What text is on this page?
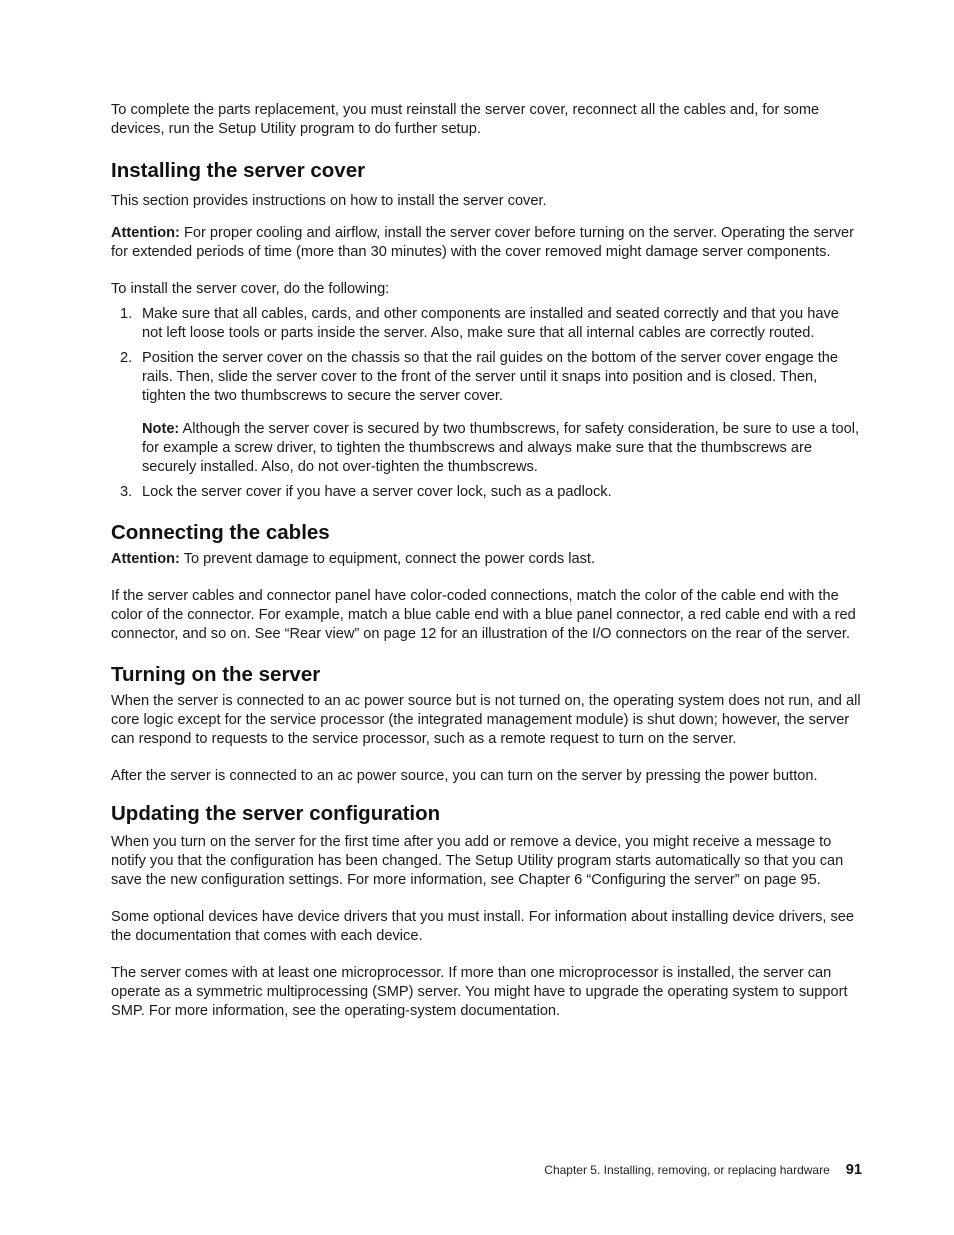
To complete the parts replacement, you must reinstall the server cover, reconnect all the cables and, for some devices, run the Setup Utility program to do further setup.

Installing the server cover

This section provides instructions on how to install the server cover.

Attention: For proper cooling and airflow, install the server cover before turning on the server. Operating the server for extended periods of time (more than 30 minutes) with the cover removed might damage server components.

To install the server cover, do the following:

1. Make sure that all cables, cards, and other components are installed and seated correctly and that you have not left loose tools or parts inside the server. Also, make sure that all internal cables are correctly routed.
2. Position the server cover on the chassis so that the rail guides on the bottom of the server cover engage the rails. Then, slide the server cover to the front of the server until it snaps into position and is closed. Then, tighten the two thumbscrews to secure the server cover.

Note: Although the server cover is secured by two thumbscrews, for safety consideration, be sure to use a tool, for example a screw driver, to tighten the thumbscrews and always make sure that the thumbscrews are securely installed. Also, do not over-tighten the thumbscrews.

3. Lock the server cover if you have a server cover lock, such as a padlock.
Connecting the cables

Attention: To prevent damage to equipment, connect the power cords last.

If the server cables and connector panel have color-coded connections, match the color of the cable end with the color of the connector. For example, match a blue cable end with a blue panel connector, a red cable end with a red connector, and so on. See “Rear view” on page 12 for an illustration of the I/O connectors on the rear of the server.

Turning on the server

When the server is connected to an ac power source but is not turned on, the operating system does not run, and all core logic except for the service processor (the integrated management module) is shut down; however, the server can respond to requests to the service processor, such as a remote request to turn on the server.

After the server is connected to an ac power source, you can turn on the server by pressing the power button.

Updating the server configuration

When you turn on the server for the first time after you add or remove a device, you might receive a message to notify you that the configuration has been changed. The Setup Utility program starts automatically so that you can save the new configuration settings. For more information, see Chapter 6 “Configuring the server” on page 95.

Some optional devices have device drivers that you must install. For information about installing device drivers, see the documentation that comes with each device.

The server comes with at least one microprocessor. If more than one microprocessor is installed, the server can operate as a symmetric multiprocessing (SMP) server. You might have to upgrade the operating system to support SMP. For more information, see the operating-system documentation.

Chapter 5. Installing, removing, or replacing hardware 91
